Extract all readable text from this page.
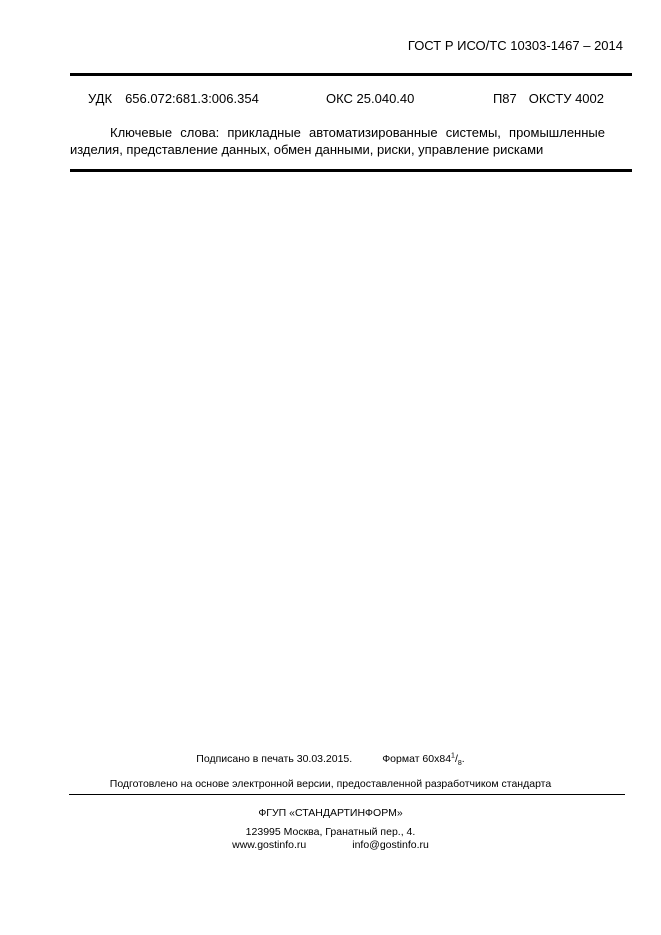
ГОСТ Р ИСО/ТС 10303-1467 – 2014
УДК 656.072:681.3:006.354	ОКС 25.040.40	П87 ОКСТУ 4002
Ключевые слова: прикладные автоматизированные системы, промышленные изделия, представление данных, обмен данными, риски, управление рисками
Подписано в печать 30.03.2015.	Формат $60x84^1/_8$.
Подготовлено на основе электронной версии, предоставленной разработчиком стандарта
ФГУП «СТАНДАРТИНФОРМ»
123995 Москва, Гранатный пер., 4.
www.gostinfo.ru	info@gostinfo.ru
